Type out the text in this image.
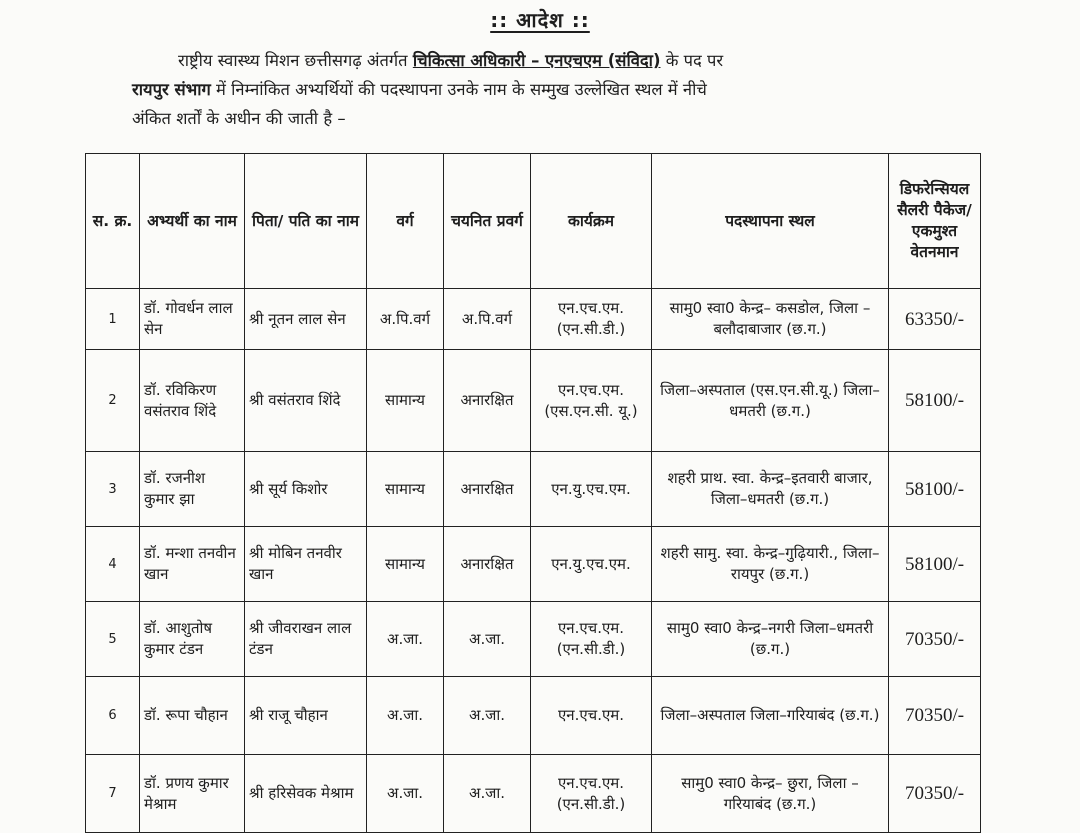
:: आदेश ::
राष्ट्रीय स्वास्थ्य मिशन छत्तीसगढ़ अंतर्गत चिकित्सा अधिकारी – एनएचएम (संविदा) के पद पर
रायपुर संभाग में निम्नांकित अभ्यर्थियों की पदस्थापना उनके नाम के सम्मुख उल्लेखित स्थल में नीचे
अंकित शर्तों के अधीन की जाती है –
स. क्र.	अभ्यर्थी का नाम	पिता/ पति का नाम	वर्ग	चयनित प्रवर्ग	कार्यक्रम	पदस्थापना स्थल	डिफरेन्सियल सैलरी पैकेज/ एकमुश्त वेतनमान
1	डॉ. गोवर्धन लाल सेन	श्री नूतन लाल सेन	अ.पि.वर्ग	अ.पि.वर्ग	एन.एच.एम. (एन.सी.डी.)	सामु0 स्वा0 केन्द्र– कसडोल, जिला – बलौदाबाजार (छ.ग.)	63350/-
2	डॉ. रविकिरण वसंतराव शिंदे	श्री वसंतराव शिंदे	सामान्य	अनारक्षित	एन.एच.एम. (एस.एन.सी. यू.)	जिला–अस्पताल (एस.एन.सी.यू.) जिला–धमतरी (छ.ग.)	58100/-
3	डॉ. रजनीश कुमार झा	श्री सूर्य किशोर	सामान्य	अनारक्षित	एन.यु.एच.एम.	शहरी प्राथ. स्वा. केन्द्र–इतवारी बाजार, जिला–धमतरी (छ.ग.)	58100/-
4	डॉ. मन्शा तनवीन खान	श्री मोबिन तनवीर खान	सामान्य	अनारक्षित	एन.यु.एच.एम.	शहरी सामु. स्वा. केन्द्र–गुढ़ियारी., जिला– रायपुर (छ.ग.)	58100/-
5	डॉ. आशुतोष कुमार टंडन	श्री जीवराखन लाल टंडन	अ.जा.	अ.जा.	एन.एच.एम. (एन.सी.डी.)	सामु0 स्वा0 केन्द्र–नगरी जिला–धमतरी (छ.ग.)	70350/-
6	डॉ. रूपा चौहान	श्री राजू चौहान	अ.जा.	अ.जा.	एन.एच.एम.	जिला–अस्पताल जिला–गरियाबंद (छ.ग.)	70350/-
7	डॉ. प्रणय कुमार मेश्राम	श्री हरिसेवक मेश्राम	अ.जा.	अ.जा.	एन.एच.एम. (एन.सी.डी.)	सामु0 स्वा0 केन्द्र– छुरा, जिला – गरियाबंद (छ.ग.)	70350/-
